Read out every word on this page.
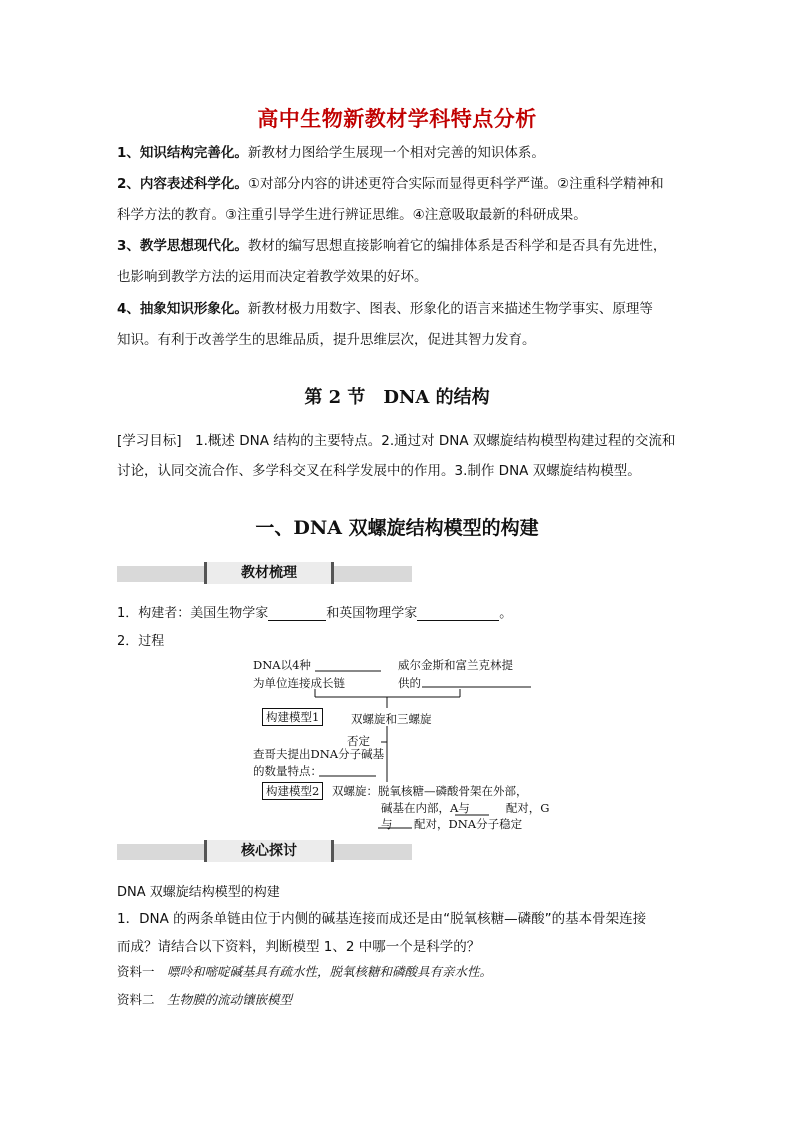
高中生物新教材学科特点分析
1、知识结构完善化。新教材力图给学生展现一个相对完善的知识体系。
2、内容表述科学化。①对部分内容的讲述更符合实际而显得更科学严谨。②注重科学精神和
科学方法的教育。③注重引导学生进行辨证思维。④注意吸取最新的科研成果。
3、教学思想现代化。教材的编写思想直接影响着它的编排体系是否科学和是否具有先进性，
也影响到教学方法的运用而决定着教学效果的好坏。
4、抽象知识形象化。新教材极力用数字、图表、形象化的语言来描述生物学事实、原理等
知识。有利于改善学生的思维品质，提升思维层次，促进其智力发育。
第 2 节　DNA 的结构
[学习目标]　1.概述 DNA 结构的主要特点。2.通过对 DNA 双螺旋结构模型构建过程的交流和
讨论，认同交流合作、多学科交叉在科学发展中的作用。3.制作 DNA 双螺旋结构模型。
一、DNA 双螺旋结构模型的构建
教材梳理
1．构建者：美国生物学家	和英国物理学家	。
2．过程
DNA以4种
为单位连接成长链
威尔金斯和富兰克林提
供的
构建模型1	双螺旋和三螺旋
否定
查哥夫提出DNA分子碱基
的数量特点：
构建模型2	双螺旋：脱氧核糖—磷酸骨架在外部，
碱基在内部，A与	配对，G与	配对，DNA分子稳定
核心探讨
DNA 双螺旋结构模型的构建
1．DNA 的两条单链由位于内侧的碱基连接而成还是由“脱氧核糖—磷酸”的基本骨架连接
而成？请结合以下资料，判断模型 1、2 中哪一个是科学的？
资料一　 嘌呤和嘧啶碱基具有疏水性，脱氧核糖和磷酸具有亲水性。
资料二　 生物膜的流动镶嵌模型
